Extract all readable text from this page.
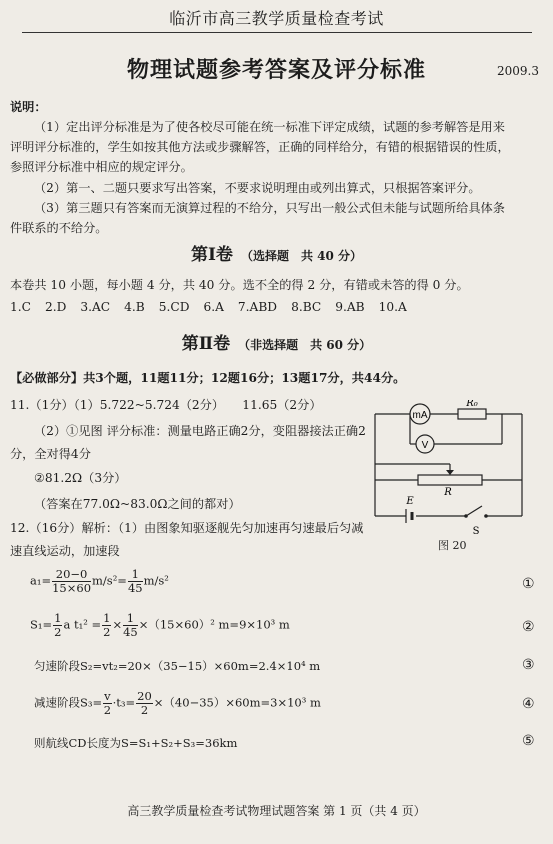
临沂市高三教学质量检查考试
物理试题参考答案及评分标准	2009.3
说明：
（1）定出评分标准是为了使各校尽可能在统一标准下评定成绩，试题的参考解答是用来
评明评分标准的，学生如按其他方法或步骤解答，正确的同样给分，有错的根据错误的性质，
参照评分标准中相应的规定评分。
（2）第一、二题只要求写出答案，不要求说明理由或列出算式，只根据答案评分。
（3）第三题只有答案而无演算过程的不给分，只写出一般公式但未能与试题所给具体条
件联系的不给分。
第Ⅰ卷 （选择题　共 40 分）
本卷共 10 小题，每小题 4 分，共 40 分。选不全的得 2 分，有错或未答的得 0 分。
1.C 2.D 3.AC 4.B 5.CD 6.A 7.ABD 8.BC 9.AB 10.A
第Ⅱ卷 （非选择题　共 60 分）
【必做部分】共3个题，11题11分；12题16分；13题17分，共44分。
11.（1分）（1）5.722~5.724（2分）　　11.65（2分）
（2）①见图 评分标准：测量电路正确2分，变阻器接法正确2
分，全对得4分
②81.2Ω（3分）
（答案在77.0Ω~83.0Ω之间的都对）
12.（16分）解析：（1）由图象知驱逐舰先匀加速再匀速最后匀减
速直线运动，加速段
mA
V
R₀
R
E
S
图 20
$a_1= \frac{20-0}{15\times 60} m/s^2= \frac{1}{45} m/s^2$	①
$S_1= \frac{1}{2}$ a $t_1^2 = \frac{1}{2} \times \frac{1}{45} \times(15\times 60)^2$ m=9×10³ m	②
匀速阶段S₂=vt₂=20×（35−15）×60m=2.4×10⁴ m	③
减速阶段$S_3= \frac{v}{2} \cdot t_3= \frac{20}{2} \times(40-35)\times 60m=3\times 10^3$ m	④
则航线CD长度为S=S₁+S₂+S₃=36km	⑤
高三教学质量检查考试物理试题答案 第 1 页（共 4 页）
